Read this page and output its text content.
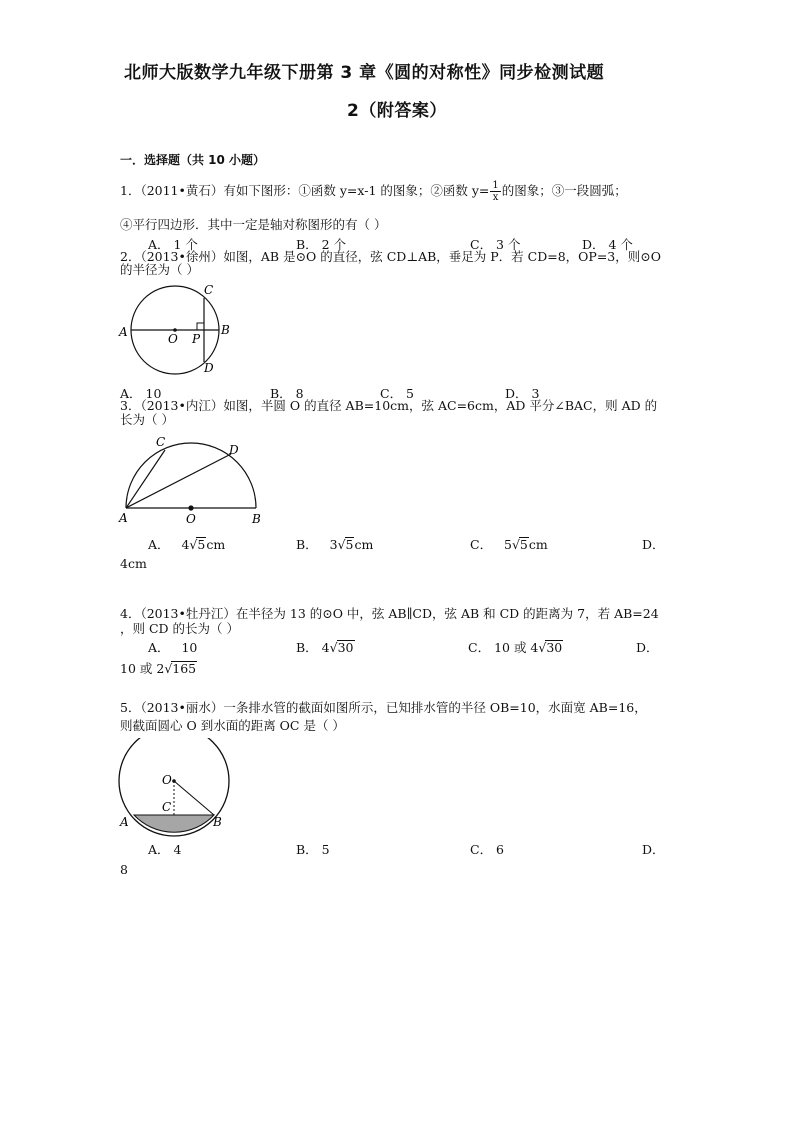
北师大版数学九年级下册第 3 章《圆的对称性》同步检测试题
2（附答案）
一．选择题（共 10 小题）
1．（2011•黄石）有如下图形：①函数 y=x-1 的图象；②函数 $y= \frac{1}{x}$ 的图象；③一段圆弧；
④平行四边形．其中一定是轴对称图形的有（ ）
A． 1 个	B． 2 个	C． 3 个	D． 4 个
2．（2013•徐州）如图，AB 是⊙O 的直径，弦 CD⊥AB，垂足为 P．若 CD=8，OP=3，则⊙O
的半径为（ ）
A	O P
B
C
D
A． 10	B． 8	C． 5	D． 3
3．（2013•内江）如图，半圆 O 的直径 AB=10cm，弦 AC=6cm，AD 平分∠BAC，则 AD 的
长为（ ）
A
C
D
O	B
A． 4√5cm	B． 3√5cm	C． 5√5cm	D．
4cm
4．（2013•牡丹江）在半径为 13 的⊙O 中，弦 AB∥CD，弦 AB 和 CD 的距离为 7，若 AB=24
，则 CD 的长为（ ）
A． 10	B． 4√30	C． 10 或 4√30	D．
10 或 2√165
5．（2013•丽水）一条排水管的截面如图所示，已知排水管的半径 OB=10，水面宽 AB=16，
则截面圆心 O 到水面的距离 OC 是（ ）
O
C
A	B
A． 4	B． 5	C． 6	D．
8
